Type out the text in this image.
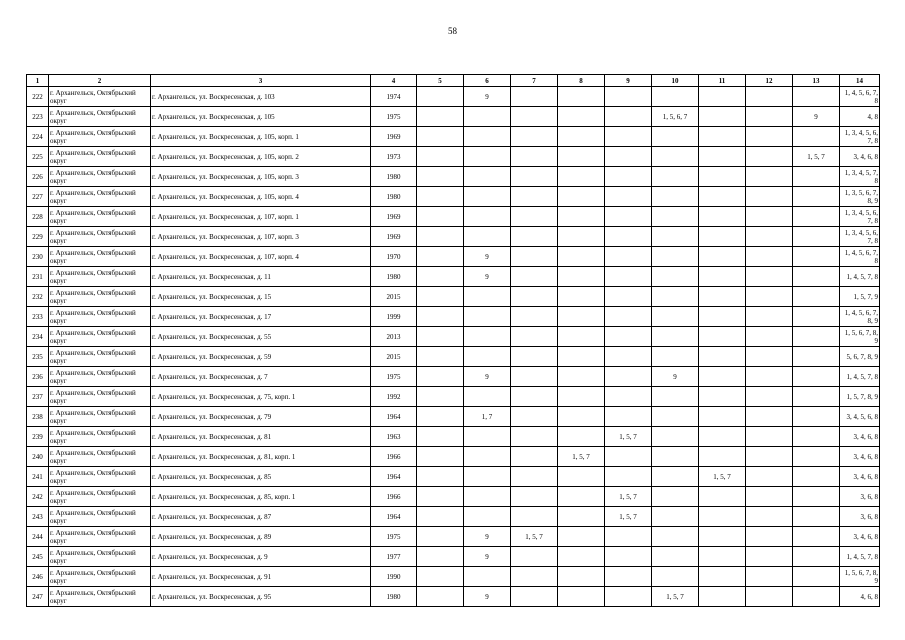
58
1	2	3	4	5	6	7	8	9	10	11	12	13	14
222	г. Архангельск, Октябрьский округ	г. Архангельск, ул. Воскресенская, д. 103	1974		9								1, 4, 5, 6, 7, 8
223	г. Архангельск, Октябрьский округ	г. Архангельск, ул. Воскресенская, д. 105	1975						1, 5, 6, 7			9	4, 8
224	г. Архангельск, Октябрьский округ	г. Архангельск, ул. Воскресенская, д. 105, корп. 1	1969										1, 3, 4, 5, 6, 7, 8
225	г. Архангельск, Октябрьский округ	г. Архангельск, ул. Воскресенская, д. 105, корп. 2	1973									1, 5, 7	3, 4, 6, 8
226	г. Архангельск, Октябрьский округ	г. Архангельск, ул. Воскресенская, д. 105, корп. 3	1980										1, 3, 4, 5, 7, 8
227	г. Архангельск, Октябрьский округ	г. Архангельск, ул. Воскресенская, д. 105, корп. 4	1980										1, 3, 5, 6, 7, 8, 9
228	г. Архангельск, Октябрьский округ	г. Архангельск, ул. Воскресенская, д. 107, корп. 1	1969										1, 3, 4, 5, 6, 7, 8
229	г. Архангельск, Октябрьский округ	г. Архангельск, ул. Воскресенская, д. 107, корп. 3	1969										1, 3, 4, 5, 6, 7, 8
230	г. Архангельск, Октябрьский округ	г. Архангельск, ул. Воскресенская, д. 107, корп. 4	1970		9								1, 4, 5, 6, 7, 8
231	г. Архангельск, Октябрьский округ	г. Архангельск, ул. Воскресенская, д. 11	1980		9								1, 4, 5, 7, 8
232	г. Архангельск, Октябрьский округ	г. Архангельск, ул. Воскресенская, д. 15	2015										1, 5, 7, 9
233	г. Архангельск, Октябрьский округ	г. Архангельск, ул. Воскресенская, д. 17	1999										1, 4, 5, 6, 7, 8, 9
234	г. Архангельск, Октябрьский округ	г. Архангельск, ул. Воскресенская, д. 55	2013										1, 5, 6, 7, 8, 9
235	г. Архангельск, Октябрьский округ	г. Архангельск, ул. Воскресенская, д. 59	2015										5, 6, 7, 8, 9
236	г. Архангельск, Октябрьский округ	г. Архангельск, ул. Воскресенская, д. 7	1975		9				9				1, 4, 5, 7, 8
237	г. Архангельск, Октябрьский округ	г. Архангельск, ул. Воскресенская, д. 75, корп. 1	1992										1, 5, 7, 8, 9
238	г. Архангельск, Октябрьский округ	г. Архангельск, ул. Воскресенская, д. 79	1964		1, 7								3, 4, 5, 6, 8
239	г. Архангельск, Октябрьский округ	г. Архангельск, ул. Воскресенская, д. 81	1963					1, 5, 7					3, 4, 6, 8
240	г. Архангельск, Октябрьский округ	г. Архангельск, ул. Воскресенская, д. 81, корп. 1	1966				1, 5, 7						3, 4, 6, 8
241	г. Архангельск, Октябрьский округ	г. Архангельск, ул. Воскресенская, д. 85	1964							1, 5, 7			3, 4, 6, 8
242	г. Архангельск, Октябрьский округ	г. Архангельск, ул. Воскресенская, д. 85, корп. 1	1966					1, 5, 7					3, 6, 8
243	г. Архангельск, Октябрьский округ	г. Архангельск, ул. Воскресенская, д. 87	1964					1, 5, 7					3, 6, 8
244	г. Архангельск, Октябрьский округ	г. Архангельск, ул. Воскресенская, д. 89	1975		9	1, 5, 7							3, 4, 6, 8
245	г. Архангельск, Октябрьский округ	г. Архангельск, ул. Воскресенская, д. 9	1977		9								1, 4, 5, 7, 8
246	г. Архангельск, Октябрьский округ	г. Архангельск, ул. Воскресенская, д. 91	1990										1, 5, 6, 7, 8, 9
247	г. Архангельск, Октябрьский округ	г. Архангельск, ул. Воскресенская, д. 95	1980		9				1, 5, 7				4, 6, 8
